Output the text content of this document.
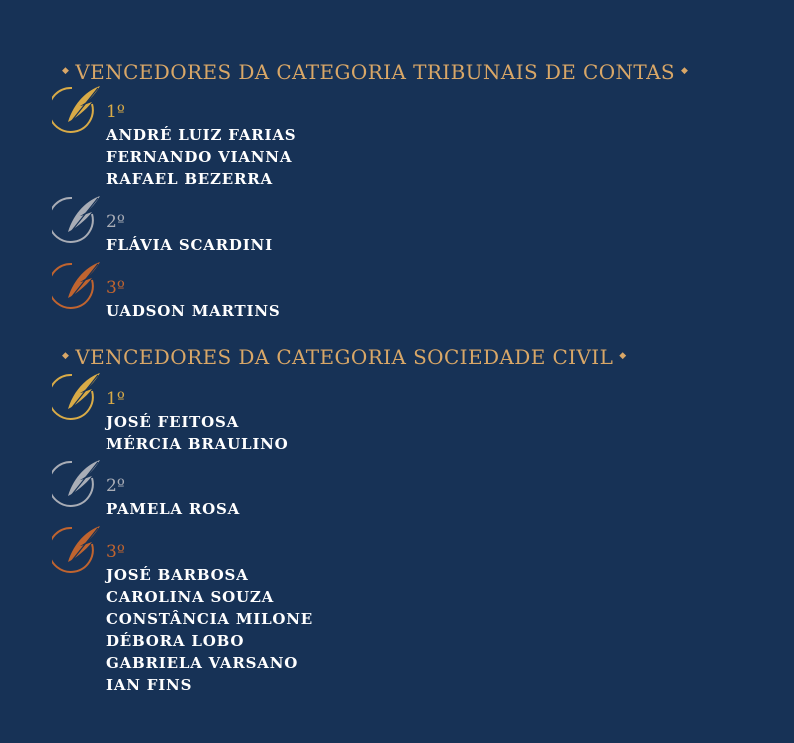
◆ VENCEDORES DA CATEGORIA TRIBUNAIS DE CONTAS ◆
1º
ANDRÉ LUIZ FARIAS
FERNANDO VIANNA
RAFAEL BEZERRA
2º
FLÁVIA SCARDINI
3º
UADSON MARTINS
◆ VENCEDORES DA CATEGORIA SOCIEDADE CIVIL ◆
1º
JOSÉ FEITOSA
MÉRCIA BRAULINO
2º
PAMELA ROSA
3º
JOSÉ BARBOSA
CAROLINA SOUZA
CONSTÂNCIA MILONE
DÉBORA LOBO
GABRIELA VARSANO
IAN FINS
